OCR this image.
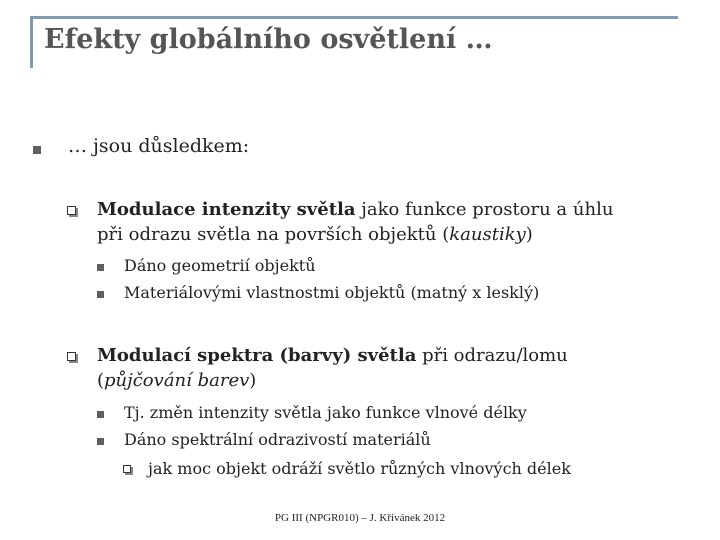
Efekty globálního osvětlení …
… jsou důsledkem:
Modulace intenzity světla jako funkce prostoru a úhlu
při odrazu světla na površích objektů (kaustiky)
Dáno geometrií objektů
Materiálovými vlastnostmi objektů (matný x lesklý)
Modulací spektra (barvy) světla při odrazu/lomu
(půjčování barev)
Tj. změn intenzity světla jako funkce vlnové délky
Dáno spektrální odrazivostí materiálů
jak moc objekt odráží světlo různých vlnových délek
PG III (NPGR010) – J. Křivánek 2012
